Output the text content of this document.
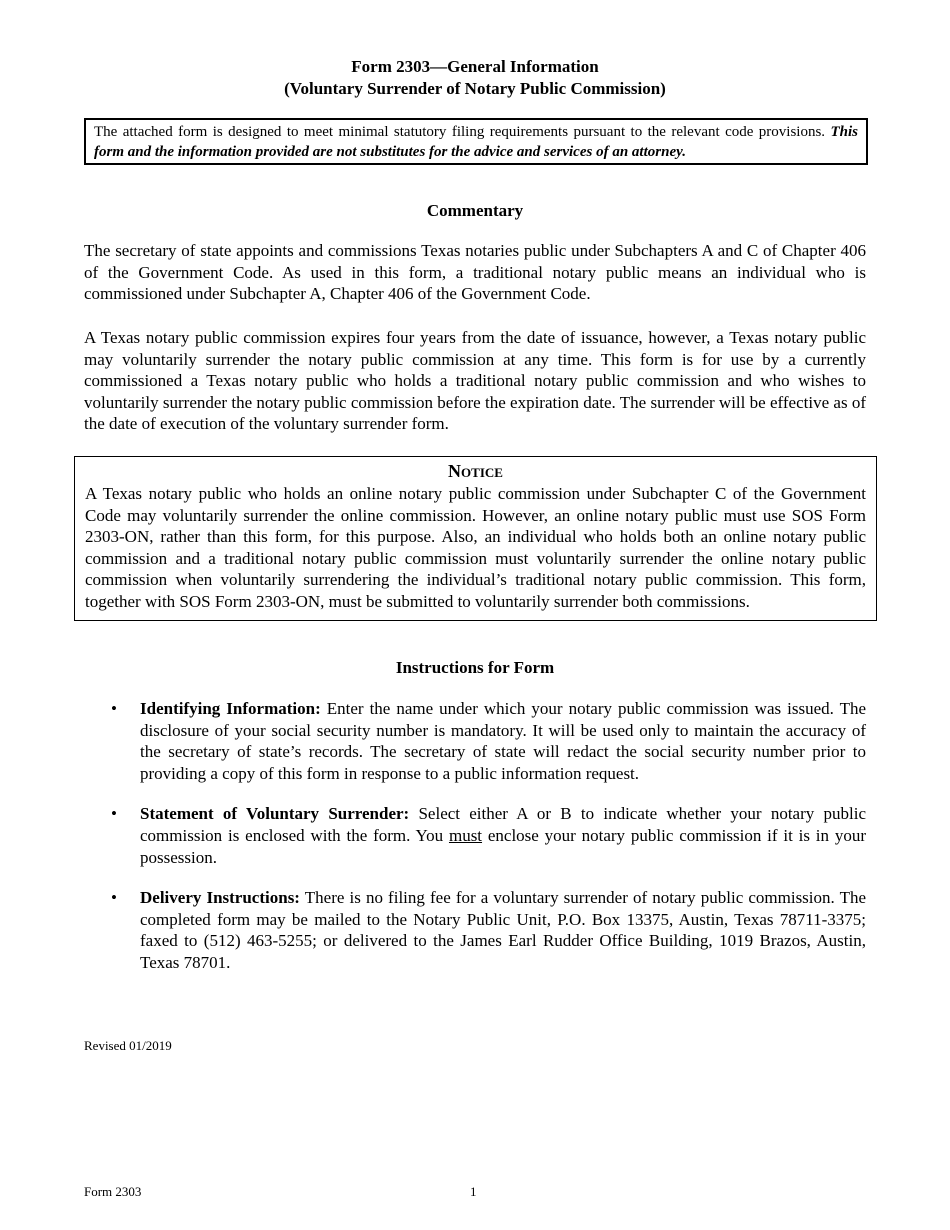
Form 2303—General Information
(Voluntary Surrender of Notary Public Commission)
The attached form is designed to meet minimal statutory filing requirements pursuant to the relevant code provisions. This form and the information provided are not substitutes for the advice and services of an attorney.
Commentary
The secretary of state appoints and commissions Texas notaries public under Subchapters A and C of Chapter 406 of the Government Code. As used in this form, a traditional notary public means an individual who is commissioned under Subchapter A, Chapter 406 of the Government Code.
A Texas notary public commission expires four years from the date of issuance, however, a Texas notary public may voluntarily surrender the notary public commission at any time. This form is for use by a currently commissioned a Texas notary public who holds a traditional notary public commission and who wishes to voluntarily surrender the notary public commission before the expiration date. The surrender will be effective as of the date of execution of the voluntary surrender form.
Notice
A Texas notary public who holds an online notary public commission under Subchapter C of the Government Code may voluntarily surrender the online commission. However, an online notary public must use SOS Form 2303-ON, rather than this form, for this purpose. Also, an individual who holds both an online notary public commission and a traditional notary public commission must voluntarily surrender the online notary public commission when voluntarily surrendering the individual’s traditional notary public commission. This form, together with SOS Form 2303-ON, must be submitted to voluntarily surrender both commissions.
Instructions for Form
• Identifying Information: Enter the name under which your notary public commission was issued. The disclosure of your social security number is mandatory. It will be used only to maintain the accuracy of the secretary of state’s records. The secretary of state will redact the social security number prior to providing a copy of this form in response to a public information request.
• Statement of Voluntary Surrender: Select either A or B to indicate whether your notary public commission is enclosed with the form. You must enclose your notary public commission if it is in your possession.
• Delivery Instructions: There is no filing fee for a voluntary surrender of notary public commission. The completed form may be mailed to the Notary Public Unit, P.O. Box 13375, Austin, Texas 78711-3375; faxed to (512) 463-5255; or delivered to the James Earl Rudder Office Building, 1019 Brazos, Austin, Texas 78701.
Revised 01/2019
Form 2303	1
